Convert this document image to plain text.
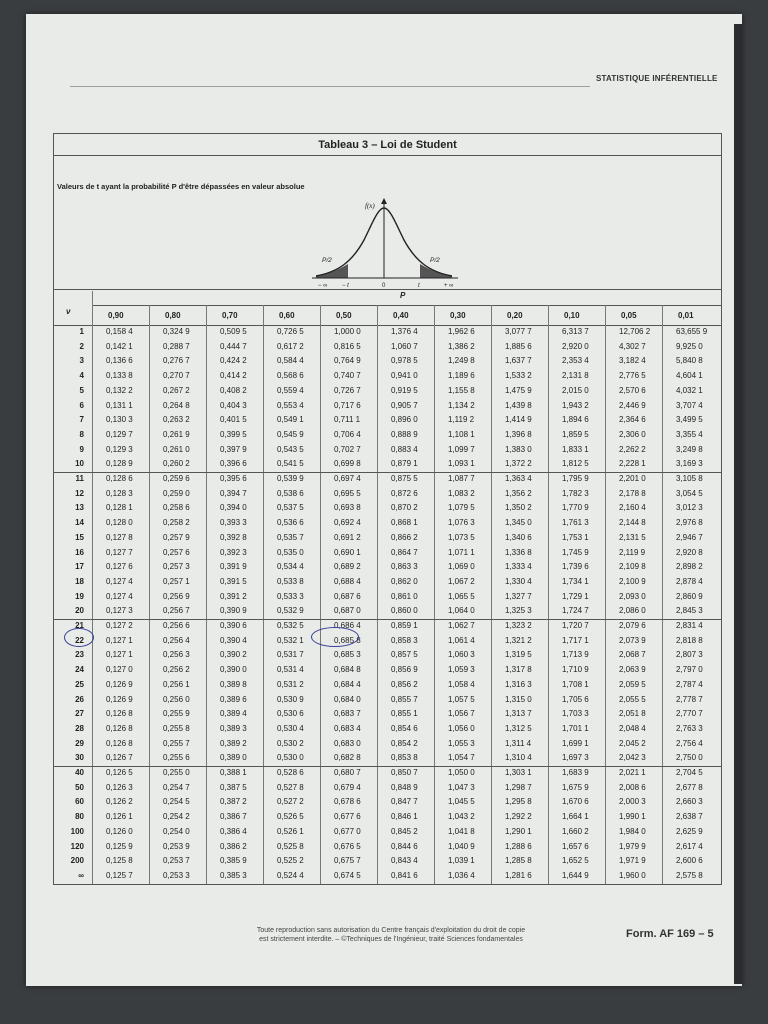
STATISTIQUE INFÉRENTIELLE
Tableau 3 – Loi de Student
Valeurs de t ayant la probabilité P d'être dépassées en valeur absolue
f(x)
P/2	P/2
− ∞ − t	0	t	+ ∞
ν
P
0,90	0,80	0,70	0,60	0,50	0,40	0,30	0,20	0,10	0,05	0,01
1	0,158 4	0,324 9	0,509 5	0,726 5	1,000 0	1,376 4	1,962 6	3,077 7	6,313 7	12,706 2	63,655 9
2	0,142 1	0,288 7	0,444 7	0,617 2	0,816 5	1,060 7	1,386 2	1,885 6	2,920 0	4,302 7	9,925 0
3	0,136 6	0,276 7	0,424 2	0,584 4	0,764 9	0,978 5	1,249 8	1,637 7	2,353 4	3,182 4	5,840 8
4	0,133 8	0,270 7	0,414 2	0,568 6	0,740 7	0,941 0	1,189 6	1,533 2	2,131 8	2,776 5	4,604 1
5	0,132 2	0,267 2	0,408 2	0,559 4	0,726 7	0,919 5	1,155 8	1,475 9	2,015 0	2,570 6	4,032 1
6	0,131 1	0,264 8	0,404 3	0,553 4	0,717 6	0,905 7	1,134 2	1,439 8	1,943 2	2,446 9	3,707 4
7	0,130 3	0,263 2	0,401 5	0,549 1	0,711 1	0,896 0	1,119 2	1,414 9	1,894 6	2,364 6	3,499 5
8	0,129 7	0,261 9	0,399 5	0,545 9	0,706 4	0,888 9	1,108 1	1,396 8	1,859 5	2,306 0	3,355 4
9	0,129 3	0,261 0	0,397 9	0,543 5	0,702 7	0,883 4	1,099 7	1,383 0	1,833 1	2,262 2	3,249 8
10	0,128 9	0,260 2	0,396 6	0,541 5	0,699 8	0,879 1	1,093 1	1,372 2	1,812 5	2,228 1	3,169 3
11	0,128 6	0,259 6	0,395 6	0,539 9	0,697 4	0,875 5	1,087 7	1,363 4	1,795 9	2,201 0	3,105 8
12	0,128 3	0,259 0	0,394 7	0,538 6	0,695 5	0,872 6	1,083 2	1,356 2	1,782 3	2,178 8	3,054 5
13	0,128 1	0,258 6	0,394 0	0,537 5	0,693 8	0,870 2	1,079 5	1,350 2	1,770 9	2,160 4	3,012 3
14	0,128 0	0,258 2	0,393 3	0,536 6	0,692 4	0,868 1	1,076 3	1,345 0	1,761 3	2,144 8	2,976 8
15	0,127 8	0,257 9	0,392 8	0,535 7	0,691 2	0,866 2	1,073 5	1,340 6	1,753 1	2,131 5	2,946 7
16	0,127 7	0,257 6	0,392 3	0,535 0	0,690 1	0,864 7	1,071 1	1,336 8	1,745 9	2,119 9	2,920 8
17	0,127 6	0,257 3	0,391 9	0,534 4	0,689 2	0,863 3	1,069 0	1,333 4	1,739 6	2,109 8	2,898 2
18	0,127 4	0,257 1	0,391 5	0,533 8	0,688 4	0,862 0	1,067 2	1,330 4	1,734 1	2,100 9	2,878 4
19	0,127 4	0,256 9	0,391 2	0,533 3	0,687 6	0,861 0	1,065 5	1,327 7	1,729 1	2,093 0	2,860 9
20	0,127 3	0,256 7	0,390 9	0,532 9	0,687 0	0,860 0	1,064 0	1,325 3	1,724 7	2,086 0	2,845 3
21	0,127 2	0,256 6	0,390 6	0,532 5	0,686 4	0,859 1	1,062 7	1,323 2	1,720 7	2,079 6	2,831 4
22	0,127 1	0,256 4	0,390 4	0,532 1	0,685 8	0,858 3	1,061 4	1,321 2	1,717 1	2,073 9	2,818 8
23	0,127 1	0,256 3	0,390 2	0,531 7	0,685 3	0,857 5	1,060 3	1,319 5	1,713 9	2,068 7	2,807 3
24	0,127 0	0,256 2	0,390 0	0,531 4	0,684 8	0,856 9	1,059 3	1,317 8	1,710 9	2,063 9	2,797 0
25	0,126 9	0,256 1	0,389 8	0,531 2	0,684 4	0,856 2	1,058 4	1,316 3	1,708 1	2,059 5	2,787 4
26	0,126 9	0,256 0	0,389 6	0,530 9	0,684 0	0,855 7	1,057 5	1,315 0	1,705 6	2,055 5	2,778 7
27	0,126 8	0,255 9	0,389 4	0,530 6	0,683 7	0,855 1	1,056 7	1,313 7	1,703 3	2,051 8	2,770 7
28	0,126 8	0,255 8	0,389 3	0,530 4	0,683 4	0,854 6	1,056 0	1,312 5	1,701 1	2,048 4	2,763 3
29	0,126 8	0,255 7	0,389 2	0,530 2	0,683 0	0,854 2	1,055 3	1,311 4	1,699 1	2,045 2	2,756 4
30	0,126 7	0,255 6	0,389 0	0,530 0	0,682 8	0,853 8	1,054 7	1,310 4	1,697 3	2,042 3	2,750 0
40	0,126 5	0,255 0	0,388 1	0,528 6	0,680 7	0,850 7	1,050 0	1,303 1	1,683 9	2,021 1	2,704 5
50	0,126 3	0,254 7	0,387 5	0,527 8	0,679 4	0,848 9	1,047 3	1,298 7	1,675 9	2,008 6	2,677 8
60	0,126 2	0,254 5	0,387 2	0,527 2	0,678 6	0,847 7	1,045 5	1,295 8	1,670 6	2,000 3	2,660 3
80	0,126 1	0,254 2	0,386 7	0,526 5	0,677 6	0,846 1	1,043 2	1,292 2	1,664 1	1,990 1	2,638 7
100	0,126 0	0,254 0	0,386 4	0,526 1	0,677 0	0,845 2	1,041 8	1,290 1	1,660 2	1,984 0	2,625 9
120	0,125 9	0,253 9	0,386 2	0,525 8	0,676 5	0,844 6	1,040 9	1,288 6	1,657 6	1,979 9	2,617 4
200	0,125 8	0,253 7	0,385 9	0,525 2	0,675 7	0,843 4	1,039 1	1,285 8	1,652 5	1,971 9	2,600 6
∞	0,125 7	0,253 3	0,385 3	0,524 4	0,674 5	0,841 6	1,036 4	1,281 6	1,644 9	1,960 0	2,575 8
Toute reproduction sans autorisation du Centre français d'exploitation du droit de copie
est strictement interdite. – ©Techniques de l'Ingénieur, traité Sciences fondamentales	Form. AF 169 – 5
